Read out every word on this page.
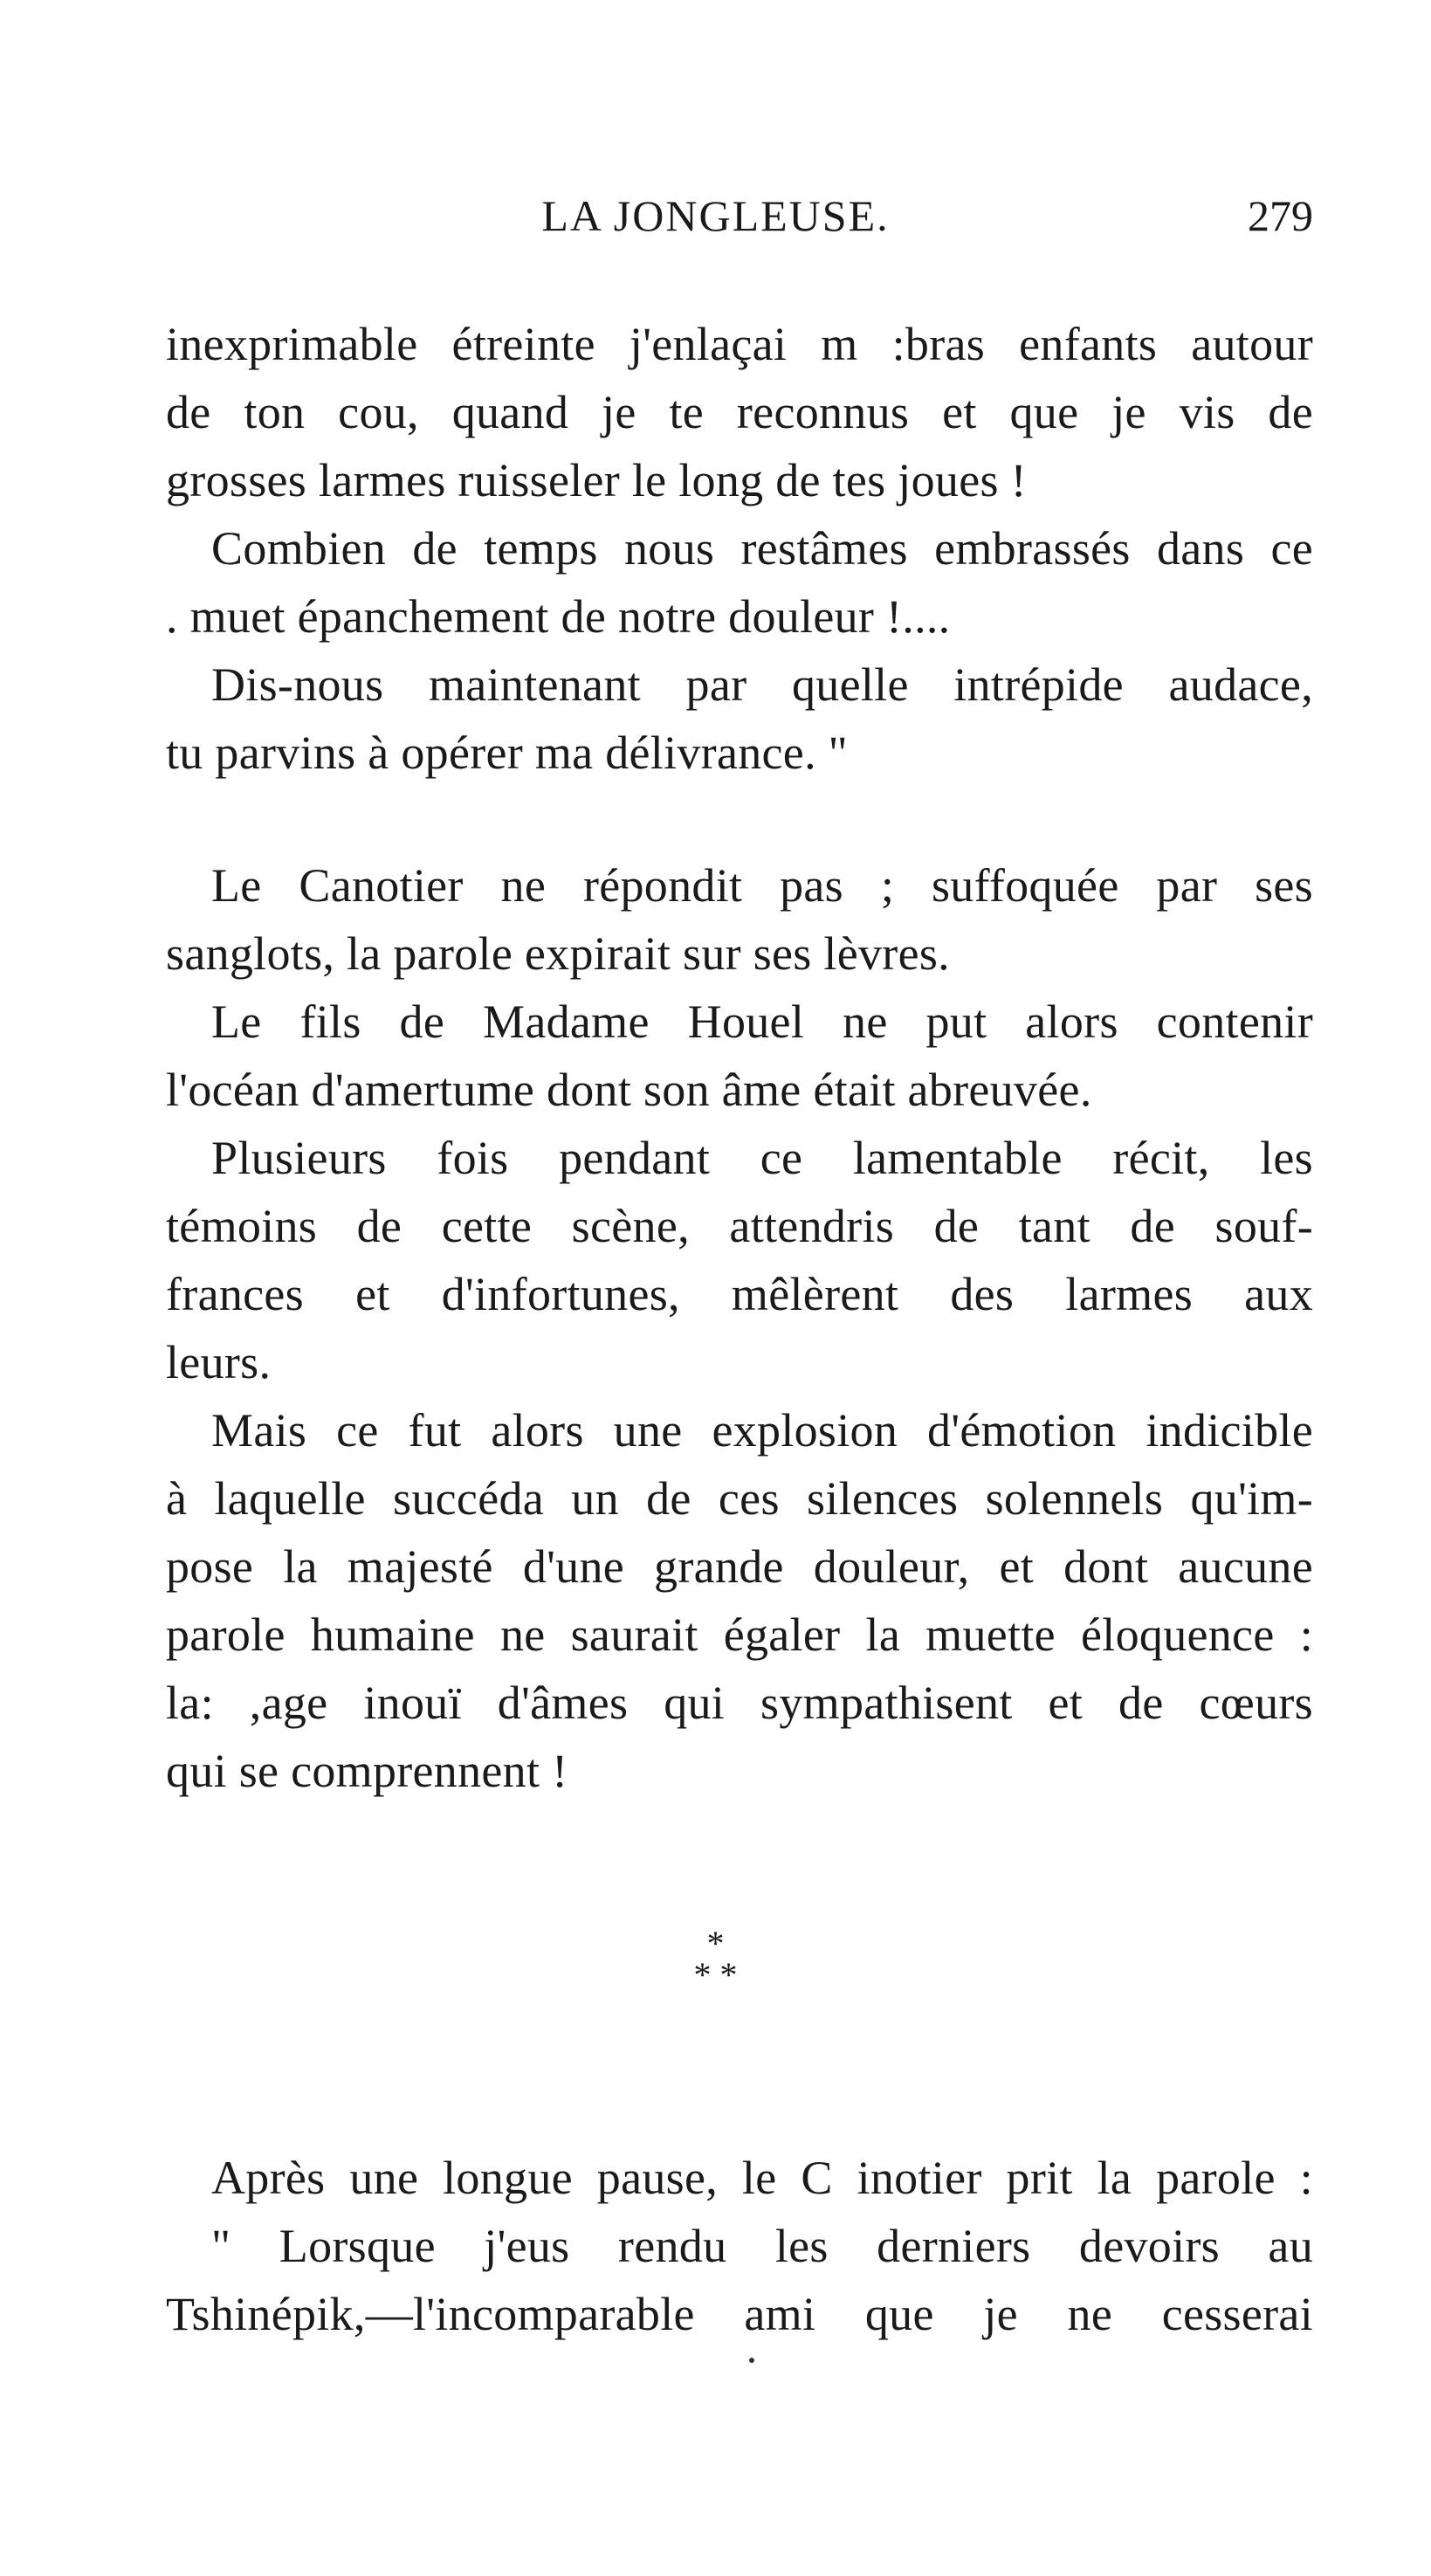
LA JONGLEUSE.	279
inexprimable étreinte j'enlaçai m :bras enfants autour
de ton cou, quand je te reconnus et que je vis de
grosses larmes ruisseler le long de tes joues !
Combien de temps nous restâmes embrassés dans ce
. muet épanchement de notre douleur !....
Dis-nous maintenant par quelle intrépide audace,
tu parvins à opérer ma délivrance. "
Le Canotier ne répondit pas ; suffoquée par ses
sanglots, la parole expirait sur ses lèvres.
Le fils de Madame Houel ne put alors contenir
l'océan d'amertume dont son âme était abreuvée.
Plusieurs fois pendant ce lamentable récit, les
témoins de cette scène, attendris de tant de souf-
frances et d'infortunes, mêlèrent des larmes aux
leurs.
Mais ce fut alors une explosion d'émotion indicible
à laquelle succéda un de ces silences solennels qu'im-
pose la majesté d'une grande douleur, et dont aucune
parole humaine ne saurait égaler la muette éloquence :
la: ,age inouï d'âmes qui sympathisent et de cœurs
qui se comprennent !
*
* *
Après une longue pause, le C inotier prit la parole :
" Lorsque j'eus rendu les derniers devoirs au
Tshinépik,—l'incomparable ami que je ne cesserai
